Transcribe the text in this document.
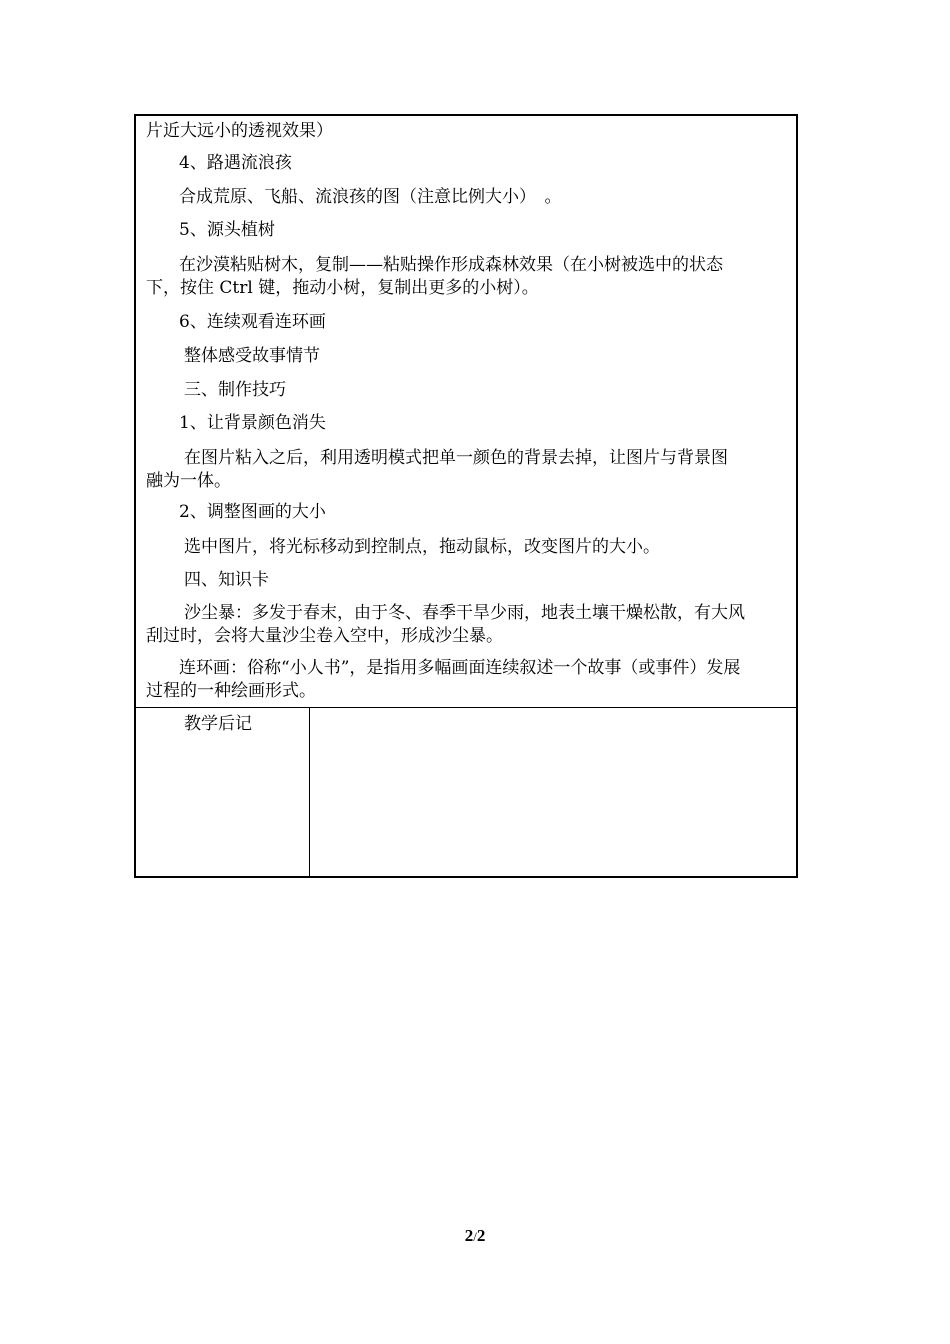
片近大远小的透视效果）
4、路遇流浪孩
合成荒原、飞船、流浪孩的图（注意比例大小）　。
5、源头植树
在沙漠粘贴树木，复制——粘贴操作形成森林效果（在小树被选中的状态
下，按住 Ctrl 键，拖动小树，复制出更多的小树）。
6、连续观看连环画
整体感受故事情节
三、制作技巧
1、让背景颜色消失
在图片粘入之后，利用透明模式把单一颜色的背景去掉，让图片与背景图
融为一体。
2、调整图画的大小
选中图片，将光标移动到控制点，拖动鼠标，改变图片的大小。
四、知识卡
沙尘暴：多发于春末，由于冬、春季干旱少雨，地表土壤干燥松散，有大风
刮过时，会将大量沙尘卷入空中，形成沙尘暴。
连环画：俗称“小人书”，是指用多幅画面连续叙述一个故事（或事件）发展
过程的一种绘画形式。
教学后记
2/2
